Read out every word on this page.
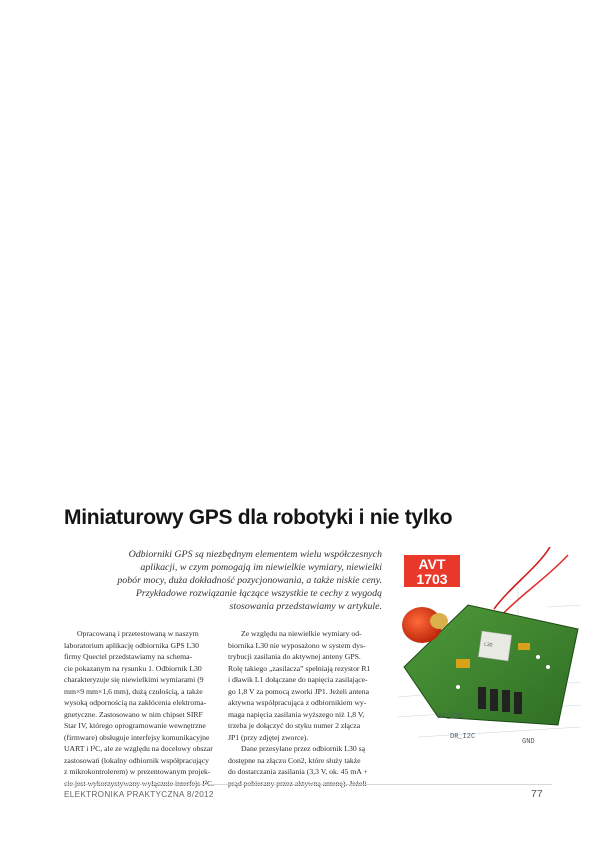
Miniaturowy GPS dla robotyki i nie tylko
Odbiorniki GPS są niezbędnym elementem wielu współczesnych
aplikacji, w czym pomogają im niewielkie wymiary, niewielki
pobór mocy, duża dokładność pozycjonowania, a także niskie ceny.
Przykładowe rozwiązanie łączące wszystkie te cechy z wygodą
stosowania przedstawiamy w artykule.
Opracowaną i przetestowaną w naszym
laboratorium aplikację odbiornika GPS L30
firmy Quectel przedstawiamy na schema-
cie pokazanym na rysunku 1. Odbiornik L30
charakteryzuje się niewielkimi wymiarami (9
mm×9 mm×1,6 mm), dużą czułością, a także
wysoką odpornością na zakłócenia elektroma-
gnetyczne. Zastosowano w nim chipset SIRF
Star IV, którego oprogramowanie wewnętrzne
(firmware) obsługuje interfejsy komunikacyjne
UART i I²C, ale ze względu na docelowy obszar
zastosowań (lokalny odbiornik współpracujący
z mikrokontrolerem) w prezentowanym projek-
cie jest wykorzystywany wyłącznie interfejs I²C.
Ze względu na niewielkie wymiary od-
biornika L30 nie wyposażono w system dys-
trybucji zasilania do aktywnej anteny GPS.
Rolę takiego „zasilacza” spełniają rezystor R1
i dławik L1 dołączane do napięcia zasilające-
go 1,8 V za pomocą zworki JP1. Jeżeli antena
aktywna współpracująca z odbiornikiem wy-
maga napięcia zasilania wyższego niż 1,8 V,
trzeba je dołączyć do styku numer 2 złącza
JP1 (przy zdjętej zworce).
Dane przesyłane przez odbiornik L30 są
dostępne na złączu Con2, które służy także
do dostarczania zasilania (3,3 V, ok. 45 mA +
prąd pobierany przez aktywną antenę). Jeżeli
L30
DR_I2C_
DR_I2C
GND
AVT
1703
ELEKTRONIKA PRAKTYCZNA 8/2012	77
